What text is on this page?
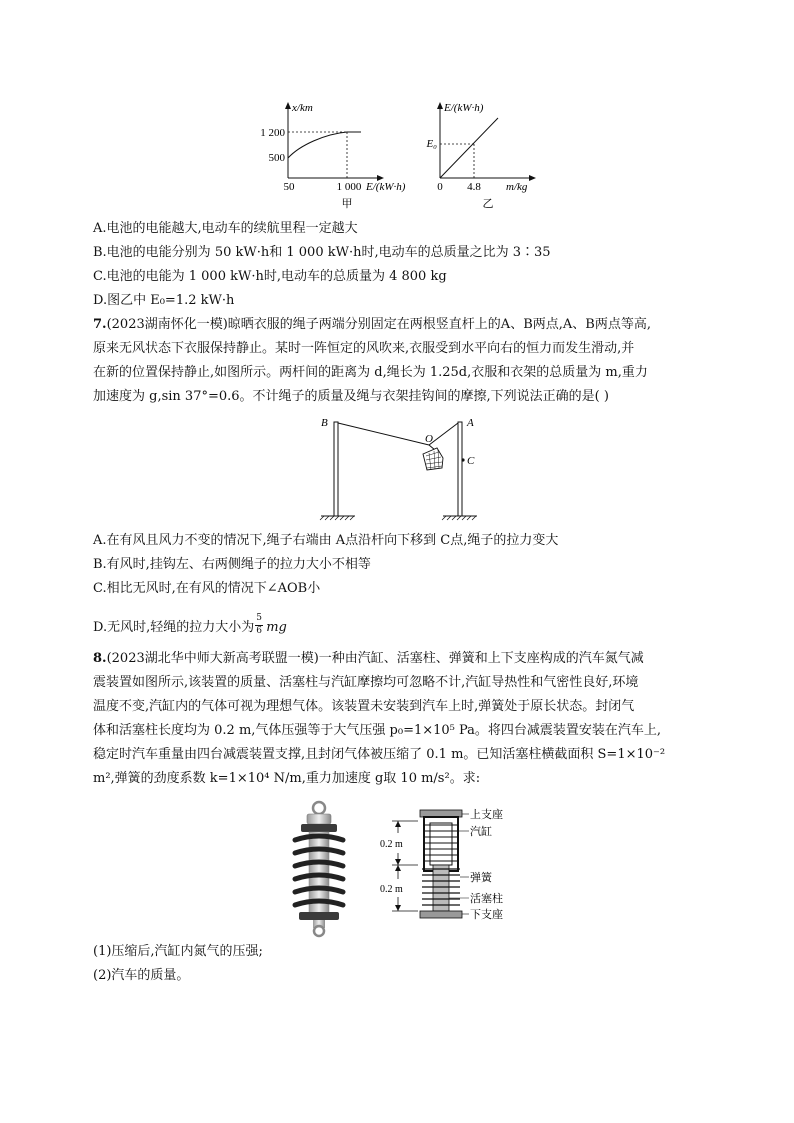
x/km
1 200
500
50	1 000 E/(kW·h)
甲
E/(kW·h)
E₀
0 4.8 m/kg
乙
A.电池的电能越大,电动车的续航里程一定越大
B.电池的电能分别为 50 kW·h和 1 000 kW·h时,电动车的总质量之比为 3∶35
C.电池的电能为 1 000 kW·h时,电动车的总质量为 4 800 kg
D.图乙中 E₀=1.2 kW·h
7.(2023湖南怀化一模)晾晒衣服的绳子两端分别固定在两根竖直杆上的A、B两点,A、B两点等高,
原来无风状态下衣服保持静止。某时一阵恒定的风吹来,衣服受到水平向右的恒力而发生滑动,并
在新的位置保持静止,如图所示。两杆间的距离为 d,绳长为 1.25d,衣服和衣架的总质量为 m,重力
加速度为 g,sin 37°=0.6。不计绳子的质量及绳与衣架挂钩间的摩擦,下列说法正确的是( )
B	A
O
C
A.在有风且风力不变的情况下,绳子右端由 A点沿杆向下移到 C点,绳子的拉力变大
B.有风时,挂钩左、右两侧绳子的拉力大小不相等
C.相比无风时,在有风的情况下∠AOB小
D.无风时,轻绳的拉力大小为 $\frac{5}{6}$ mg
8.(2023湖北华中师大新高考联盟一模)一种由汽缸、活塞柱、弹簧和上下支座构成的汽车氮气减
震装置如图所示,该装置的质量、活塞柱与汽缸摩擦均可忽略不计,汽缸导热性和气密性良好,环境
温度不变,汽缸内的气体可视为理想气体。该装置未安装到汽车上时,弹簧处于原长状态。封闭气
体和活塞柱长度均为 0.2 m,气体压强等于大气压强 p₀=1×10⁵ Pa。将四台减震装置安装在汽车上,
稳定时汽车重量由四台减震装置支撑,且封闭气体被压缩了 0.1 m。已知活塞柱横截面积 S=1×10⁻²
m²,弹簧的劲度系数 k=1×10⁴ N/m,重力加速度 g取 10 m/s²。求:
0.2 m
0.2 m
上支座
汽缸
弹簧
活塞柱
下支座
(1)压缩后,汽缸内氮气的压强;
(2)汽车的质量。
